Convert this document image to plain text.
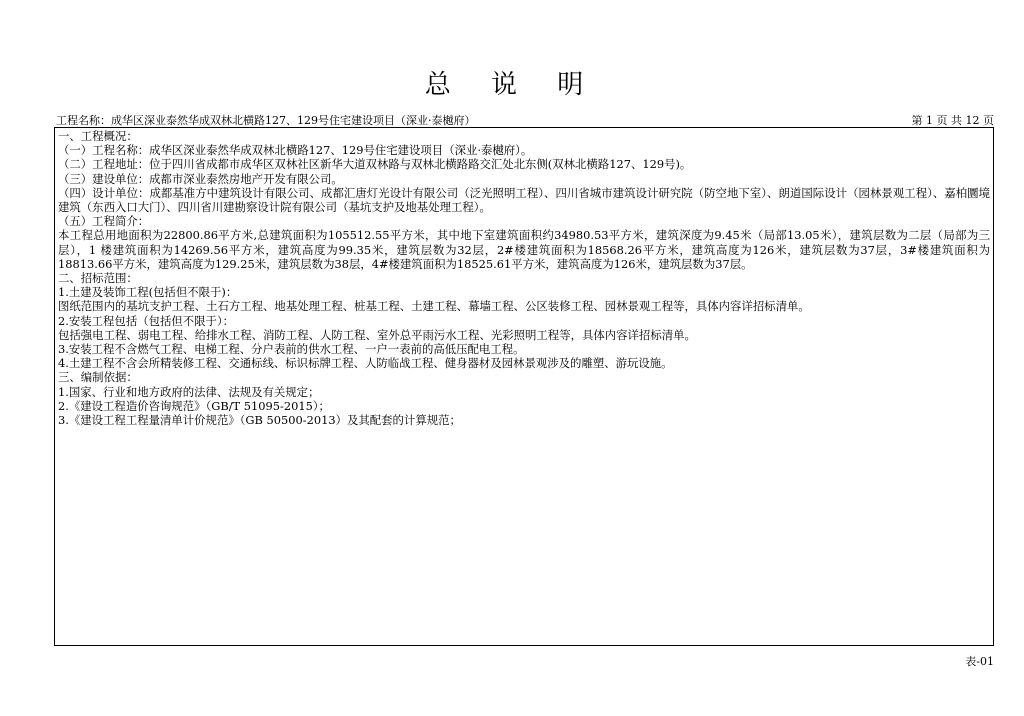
总 说 明
工程名称：成华区深业泰然华成双林北横路127、129号住宅建设项目（深业·泰樾府）	第 1 页 共 12 页

一、工程概况：

（一）工程名称：成华区深业泰然华成双林北横路127、129号住宅建设项目（深业·泰樾府）。

（二）工程地址：位于四川省成都市成华区双林社区新华大道双林路与双林北横路路交汇处北东侧(双林北横路127、129号)。

（三）建设单位：成都市深业泰然房地产开发有限公司。

（四）设计单位：成都基准方中建筑设计有限公司、成都汇唐灯光设计有限公司（泛光照明工程）、四川省城市建筑设计研究院（防空地下室）、朗道国际设计（园林景观工程）、嘉柏圜境建筑（东西入口大门）、四川省川建勘察设计院有限公司（基坑支护及地基处理工程）。

（五）工程简介：

本工程总用地面积为22800.86平方米,总建筑面积为105512.55平方米，其中地下室建筑面积约34980.53平方米，建筑深度为9.45米（局部13.05米），建筑层数为二层（局部为三层），1 楼建筑面积为14269.56平方米，建筑高度为99.35米，建筑层数为32层，2#楼建筑面积为18568.26平方米，建筑高度为126米，建筑层数为37层，3#楼建筑面积为18813.66平方米，建筑高度为129.25米，建筑层数为38层，4#楼建筑面积为18525.61平方米，建筑高度为126米，建筑层数为37层。

二、招标范围：

1.土建及装饰工程(包括但不限于)：

图纸范围内的基坑支护工程、土石方工程、地基处理工程、桩基工程、土建工程、幕墙工程、公区装修工程、园林景观工程等，具体内容详招标清单。

2.安装工程包括（包括但不限于）：

包括强电工程、弱电工程、给排水工程、消防工程、人防工程、室外总平雨污水工程、光彩照明工程等，具体内容详招标清单。

3.安装工程不含燃气工程、电梯工程、分户表前的供水工程、一户一表前的高低压配电工程。

4.土建工程不含会所精装修工程、交通标线、标识标牌工程、人防临战工程、健身器材及园林景观涉及的雕塑、游玩设施。

三、编制依据：

1.国家、行业和地方政府的法律、法规及有关规定；

2.《建设工程造价咨询规范》（GB/T 51095-2015）；

3.《建设工程工程量清单计价规范》（GB 50500-2013）及其配套的计算规范；

表-01
